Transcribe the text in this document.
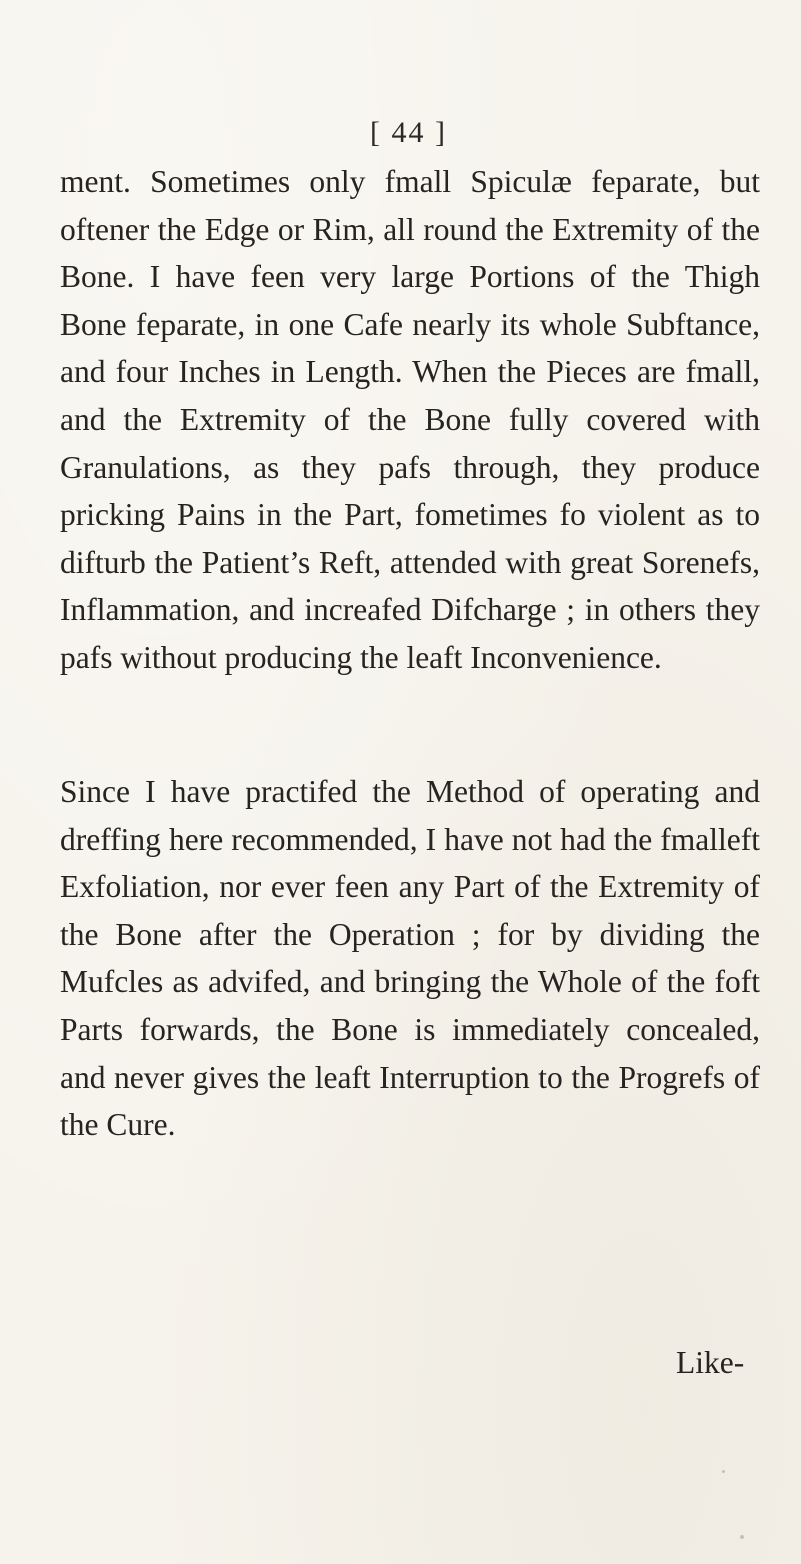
[ 44 ]

ment. Sometimes only fmall Spiculæ feparate, but oftener the Edge or Rim, all round the Extremity of the Bone. I have feen very large Portions of the Thigh Bone feparate, in one Cafe nearly its whole Subftance, and four Inches in Length. When the Pieces are fmall, and the Extremity of the Bone fully covered with Granulations, as they pafs through, they produce pricking Pains in the Part, fometimes fo violent as to difturb the Patient’s Reft, attended with great Sorenefs, Inflammation, and increafed Difcharge ; in others they pafs without producing the leaft Inconvenience.

Since I have practifed the Method of operating and dreffing here recommended, I have not had the fmalleft Exfoliation, nor ever feen any Part of the Extremity of the Bone after the Operation ; for by dividing the Mufcles as advifed, and bringing the Whole of the foft Parts forwards, the Bone is immediately concealed, and never gives the leaft Interruption to the Progrefs of the Cure.

Like-
